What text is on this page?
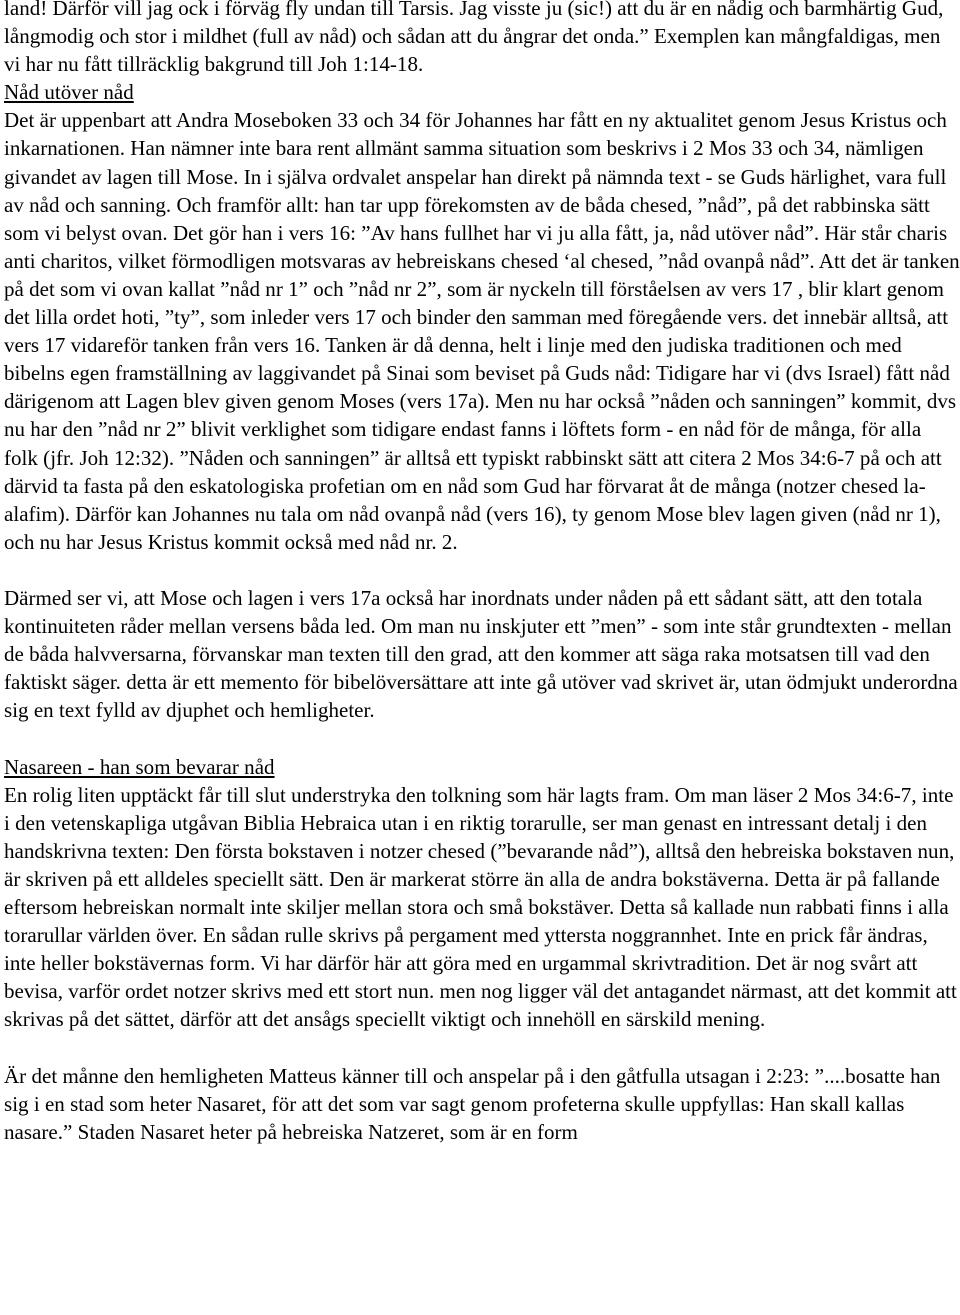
land! Därför vill jag ock i förväg fly undan till Tarsis. Jag visste ju (sic!) att du är en nådig och barmhärtig Gud, långmodig och stor i mildhet (full av nåd) och sådan att du ångrar det onda.” Exemplen kan mångfaldigas, men vi har nu fått tillräcklig bakgrund till Joh 1:14-18.

Nåd utöver nåd

Det är uppenbart att Andra Moseboken 33 och 34 för Johannes har fått en ny aktualitet genom Jesus Kristus och inkarnationen. Han nämner inte bara rent allmänt samma situation som beskrivs i 2 Mos 33 och 34, nämligen givandet av lagen till Mose. In i själva ordvalet anspelar han direkt på nämnda text - se Guds härlighet, vara full av nåd och sanning. Och framför allt: han tar upp förekomsten av de båda chesed, ”nåd”, på det rabbinska sätt som vi belyst ovan. Det gör han i vers 16: ”Av hans fullhet har vi ju alla fått, ja, nåd utöver nåd”. Här står charis anti charitos, vilket förmodligen motsvaras av hebreiskans chesed ‘al chesed, ”nåd ovanpå nåd”. Att det är tanken på det som vi ovan kallat ”nåd nr 1” och ”nåd nr 2”, som är nyckeln till förståelsen av vers 17 , blir klart genom det lilla ordet hoti, ”ty”, som inleder vers 17 och binder den samman med föregående vers. det innebär alltså, att vers 17 vidareför tanken från vers 16. Tanken är då denna, helt i linje med den judiska traditionen och med bibelns egen framställning av laggivandet på Sinai som beviset på Guds nåd: Tidigare har vi (dvs Israel) fått nåd därigenom att Lagen blev given genom Moses (vers 17a). Men nu har också ”nåden och sanningen” kommit, dvs nu har den ”nåd nr 2” blivit verklighet som tidigare endast fanns i löftets form - en nåd för de många, för alla folk (jfr. Joh 12:32). ”Nåden och sanningen” är alltså ett typiskt rabbinskt sätt att citera 2 Mos 34:6-7 på och att därvid ta fasta på den eskatologiska profetian om en nåd som Gud har förvarat åt de många (notzer chesed la-alafim). Därför kan Johannes nu tala om nåd ovanpå nåd (vers 16), ty genom Mose blev lagen given (nåd nr 1), och nu har Jesus Kristus kommit också med nåd nr. 2.

Därmed ser vi, att Mose och lagen i vers 17a också har inordnats under nåden på ett sådant sätt, att den totala kontinuiteten råder mellan versens båda led. Om man nu inskjuter ett ”men” - som inte står grundtexten - mellan de båda halvversarna, förvanskar man texten till den grad, att den kommer att säga raka motsatsen till vad den faktiskt säger. detta är ett memento för bibelöversättare att inte gå utöver vad skrivet är, utan ödmjukt underordna sig en text fylld av djuphet och hemligheter.

Nasareen - han som bevarar nåd

En rolig liten upptäckt får till slut understryka den tolkning som här lagts fram. Om man läser 2 Mos 34:6-7, inte i den vetenskapliga utgåvan Biblia Hebraica utan i en riktig torarulle, ser man genast en intressant detalj i den handskrivna texten: Den första bokstaven i notzer chesed (”bevarande nåd”), alltså den hebreiska bokstaven nun, är skriven på ett alldeles speciellt sätt. Den är markerat större än alla de andra bokstäverna. Detta är på fallande eftersom hebreiskan normalt inte skiljer mellan stora och små bokstäver. Detta så kallade nun rabbati finns i alla torarullar världen över. En sådan rulle skrivs på pergament med yttersta noggrannhet. Inte en prick får ändras, inte heller bokstävernas form. Vi har därför här att göra med en urgammal skrivtradition. Det är nog svårt att bevisa, varför ordet notzer skrivs med ett stort nun. men nog ligger väl det antagandet närmast, att det kommit att skrivas på det sättet, därför att det ansågs speciellt viktigt och innehöll en särskild mening.

Är det månne den hemligheten Matteus känner till och anspelar på i den gåtfulla utsagan i 2:23: ”....bosatte han sig i en stad som heter Nasaret, för att det som var sagt genom profeterna skulle uppfyllas: Han skall kallas nasare.” Staden Nasaret heter på hebreiska Natzeret, som är en form
